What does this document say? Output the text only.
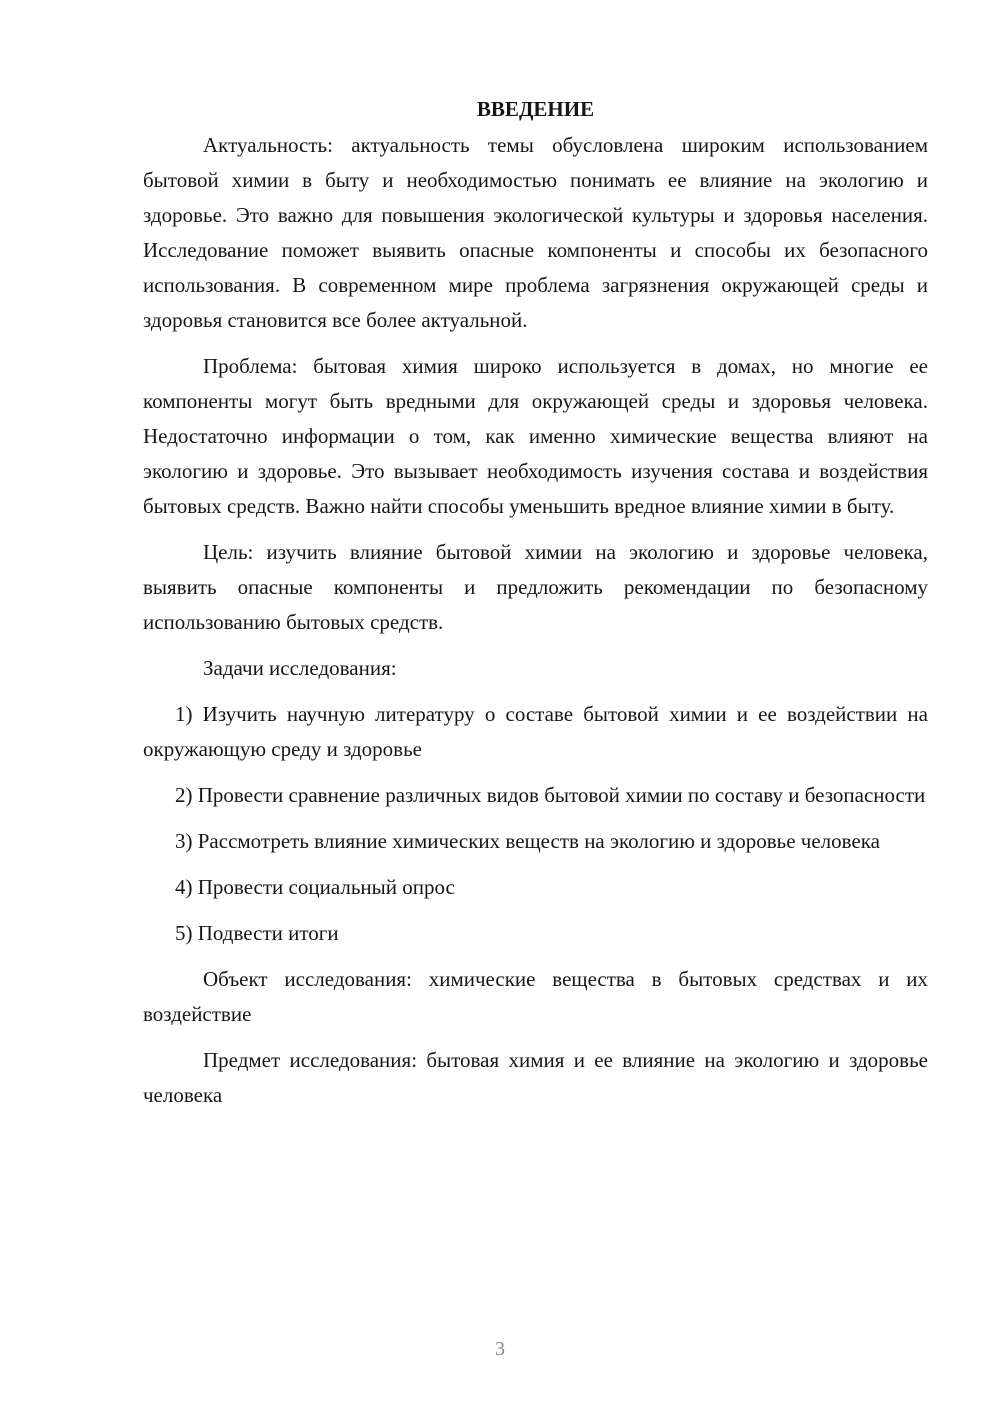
ВВЕДЕНИЕ

Актуальность: актуальность темы обусловлена широким использованием бытовой химии в быту и необходимостью понимать ее влияние на экологию и здоровье. Это важно для повышения экологической культуры и здоровья населения. Исследование поможет выявить опасные компоненты и способы их безопасного использования. В современном мире проблема загрязнения окружающей среды и здоровья становится все более актуальной.

Проблема: бытовая химия широко используется в домах, но многие ее компоненты могут быть вредными для окружающей среды и здоровья человека. Недостаточно информации о том, как именно химические вещества влияют на экологию и здоровье. Это вызывает необходимость изучения состава и воздействия бытовых средств. Важно найти способы уменьшить вредное влияние химии в быту.

Цель: изучить влияние бытовой химии на экологию и здоровье человека, выявить опасные компоненты и предложить рекомендации по безопасному использованию бытовых средств.

Задачи исследования:

1) Изучить научную литературу о составе бытовой химии и ее воздействии на окружающую среду и здоровье

2) Провести сравнение различных видов бытовой химии по составу и безопасности

3) Рассмотреть влияние химических веществ на экологию и здоровье человека

4) Провести социальный опрос

5) Подвести итоги

Объект исследования: химические вещества в бытовых средствах и их воздействие

Предмет исследования: бытовая химия и ее влияние на экологию и здоровье человека

3
